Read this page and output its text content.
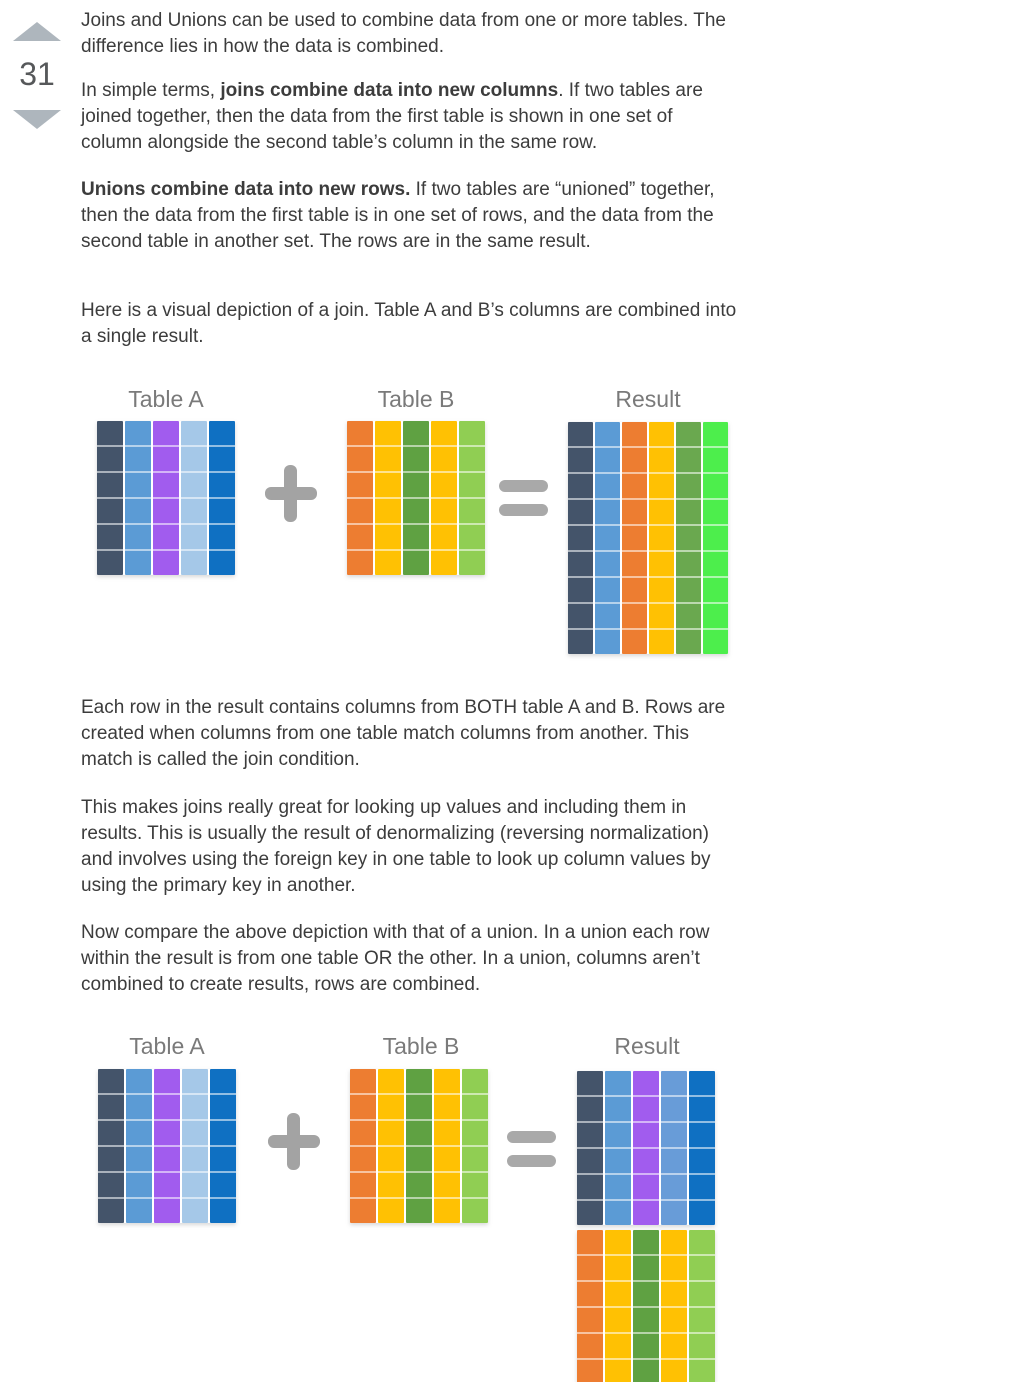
31
Joins and Unions can be used to combine data from one or more tables. The difference lies in how the data is combined.
In simple terms, joins combine data into new columns. If two tables are joined together, then the data from the first table is shown in one set of column alongside the second table’s column in the same row.
Unions combine data into new rows. If two tables are “unioned” together, then the data from the first table is in one set of rows, and the data from the second table in another set. The rows are in the same result.
Here is a visual depiction of a join. Table A and B’s columns are combined into a single result.
Table A	Table B	Result
Each row in the result contains columns from BOTH table A and B. Rows are created when columns from one table match columns from another. This match is called the join condition.
This makes joins really great for looking up values and including them in results. This is usually the result of denormalizing (reversing normalization) and involves using the foreign key in one table to look up column values by using the primary key in another.
Now compare the above depiction with that of a union. In a union each row within the result is from one table OR the other. In a union, columns aren’t combined to create results, rows are combined.
Table A	Table B	Result
